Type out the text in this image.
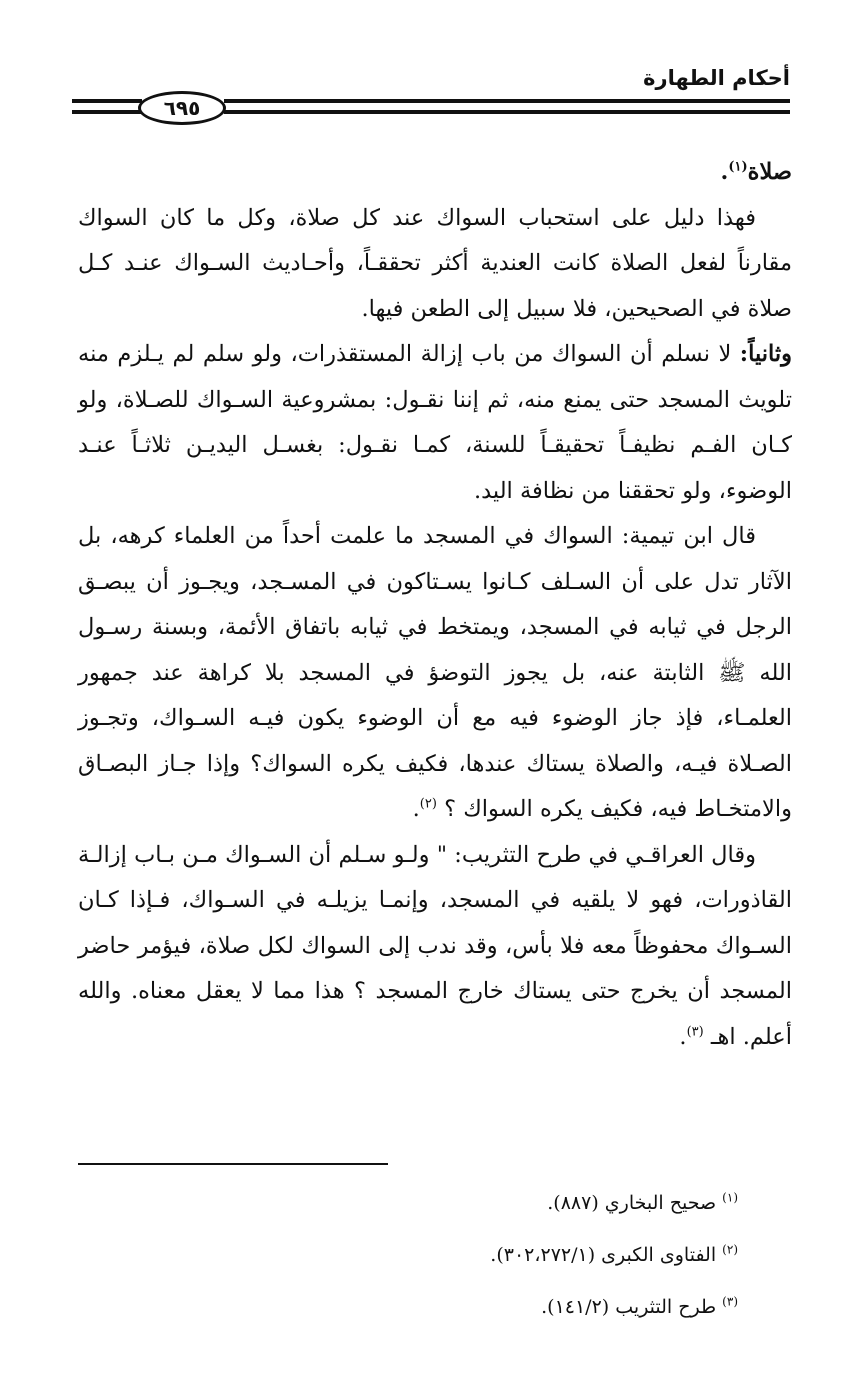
أحكام الطهارة
٦٩٥

صلاة$^{(١)}$.

فهذا دليل على استحباب السواك عند كل صلاة، وكل ما كان السواك مقارناً لفعل الصلاة كانت العندية أكثر تحققـاً، وأحـاديث السـواك عنـد كـل صلاة في الصحيحين، فلا سبيل إلى الطعن فيها.

وثانياً: لا نسلم أن السواك من باب إزالة المستقذرات، ولو سلم لم يـلزم منه تلويث المسجد حتى يمنع منه، ثم إننا نقـول: بمشروعية السـواك للصـلاة، ولو كـان الفـم نظيفـاً تحقيقـاً للسنة، كمـا نقـول: بغسـل اليديـن ثلاثـاً عنـد الوضوء، ولو تحققنا من نظافة اليد.

قال ابن تيمية: السواك في المسجد ما علمت أحداً من العلماء كرهه، بل الآثار تدل على أن السـلف كـانوا يسـتاكون في المسـجد، ويجـوز أن يبصـق الرجل في ثيابه في المسجد، ويمتخط في ثيابه باتفاق الأئمة، وبسنة رسـول الله ﷺ الثابتة عنه، بل يجوز التوضؤ في المسجد بلا كراهة عند جمهور العلمـاء، فإذ جاز الوضوء فيه مع أن الوضوء يكون فيـه السـواك، وتجـوز الصـلاة فيـه، والصلاة يستاك عندها، فكيف يكره السواك؟ وإذا جـاز البصـاق والامتخـاط فيه، فكيف يكره السواك ؟ $^{(٢)}$.

وقال العراقـي في طرح التثريب: " ولـو سـلم أن السـواك مـن بـاب إزالـة القاذورات، فهو لا يلقيه في المسجد، وإنمـا يزيلـه في السـواك، فـإذا كـان السـواك محفوظاً معه فلا بأس، وقد ندب إلى السواك لكل صلاة، فيؤمر حاضر المسجد أن يخرج حتى يستاك خارج المسجد ؟ هذا مما لا يعقل معناه. والله أعلم. اهـ $^{(٣)}$.

$^{(١)}$ صحيح البخاري (٨٨٧).

$^{(٢)}$ الفتاوى الكبرى (٣٠٢،٢٧٢/١).

$^{(٣)}$ طرح التثريب (١٤١/٢).
